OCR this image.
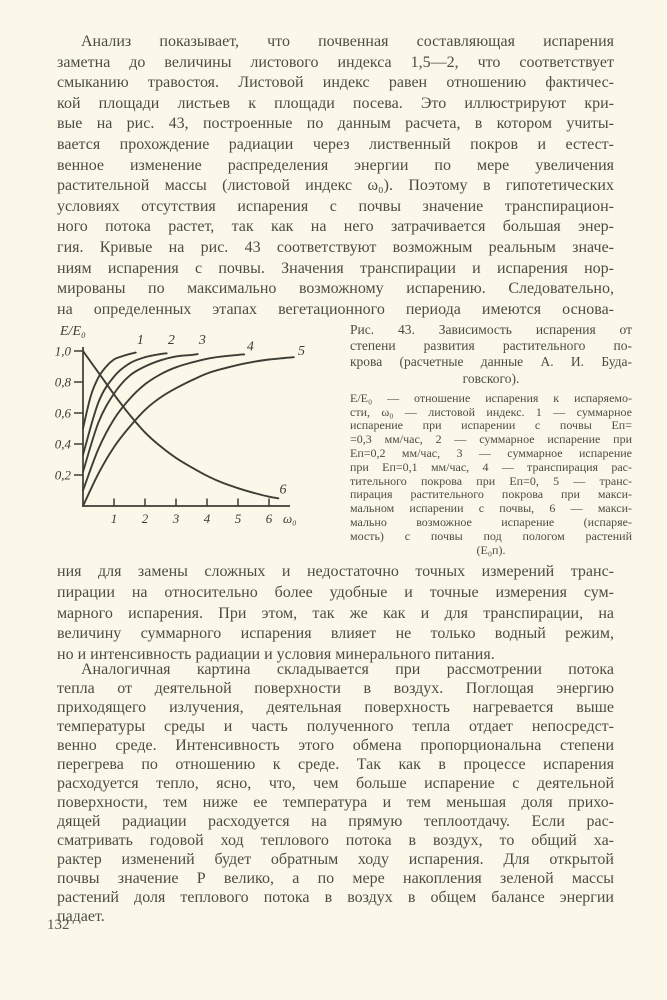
Анализ показывает, что почвенная составляющая испарения
заметна до величины листового индекса 1,5—2, что соответствует
смыканию травостоя. Листовой индекс равен отношению фактичес-
кой площади листьев к площади посева. Это иллюстрируют кри-
вые на рис. 43, построенные по данным расчета, в котором учиты-
вается прохождение радиации через лиственный покров и естест-
венное изменение распределения энергии по мере увеличения
растительной массы (листовой индекс ω₀). Поэтому в гипотетических
условиях отсутствия испарения с почвы значение транспирацион-
ного потока растет, так как на него затрачивается большая энер-
гия. Кривые на рис. 43 соответствуют возможным реальным значе-
ниям испарения с почвы. Значения транспирации и испарения нор-
мированы по максимально возможному испарению. Следовательно,
на определенных этапах вегетационного периода имеются основа-
0,2
0,4
0,6
0,8
1,0
1 2 3 4 5 6
E/E₀
ω₀
1 2 3	4	5
6
Рис. 43. Зависимость испарения от
степени развития растительного по-
крова (расчетные данные А. И. Буда-
говского).
E/E₀ — отношение испарения к испаряемо-
сти, ω₀ — листовой индекс. 1 — суммарное
испарение при испарении с почвы Eп=
=0,3 мм/час, 2 — суммарное испарение при
Eп=0,2 мм/час, 3 — суммарное испарение
при Eп=0,1 мм/час, 4 — транспирация рас-
тительного покрова при Eп=0, 5 — транс-
пирация растительного покрова при макси-
мальном испарении с почвы, 6 — макси-
мально возможное испарение (испаряе-
мость) с почвы под пологом растений
(E₀п).
ния для замены сложных и недостаточно точных измерений транс-
пирации на относительно более удобные и точные измерения сум-
марного испарения. При этом, так же как и для транспирации, на
величину суммарного испарения влияет не только водный режим,
но и интенсивность радиации и условия минерального питания.
Аналогичная картина складывается при рассмотрении потока
тепла от деятельной поверхности в воздух. Поглощая энергию
приходящего излучения, деятельная поверхность нагревается выше
температуры среды и часть полученного тепла отдает непосредст-
венно среде. Интенсивность этого обмена пропорциональна степени
перегрева по отношению к среде. Так как в процессе испарения
расходуется тепло, ясно, что, чем больше испарение с деятельной
поверхности, тем ниже ее температура и тем меньшая доля прихо-
дящей радиации расходуется на прямую теплоотдачу. Если рас-
сматривать годовой ход теплового потока в воздух, то общий ха-
рактер изменений будет обратным ходу испарения. Для открытой
почвы значение Р велико, а по мере накопления зеленой массы
растений доля теплового потока в воздух в общем балансе энергии
падает.
132
